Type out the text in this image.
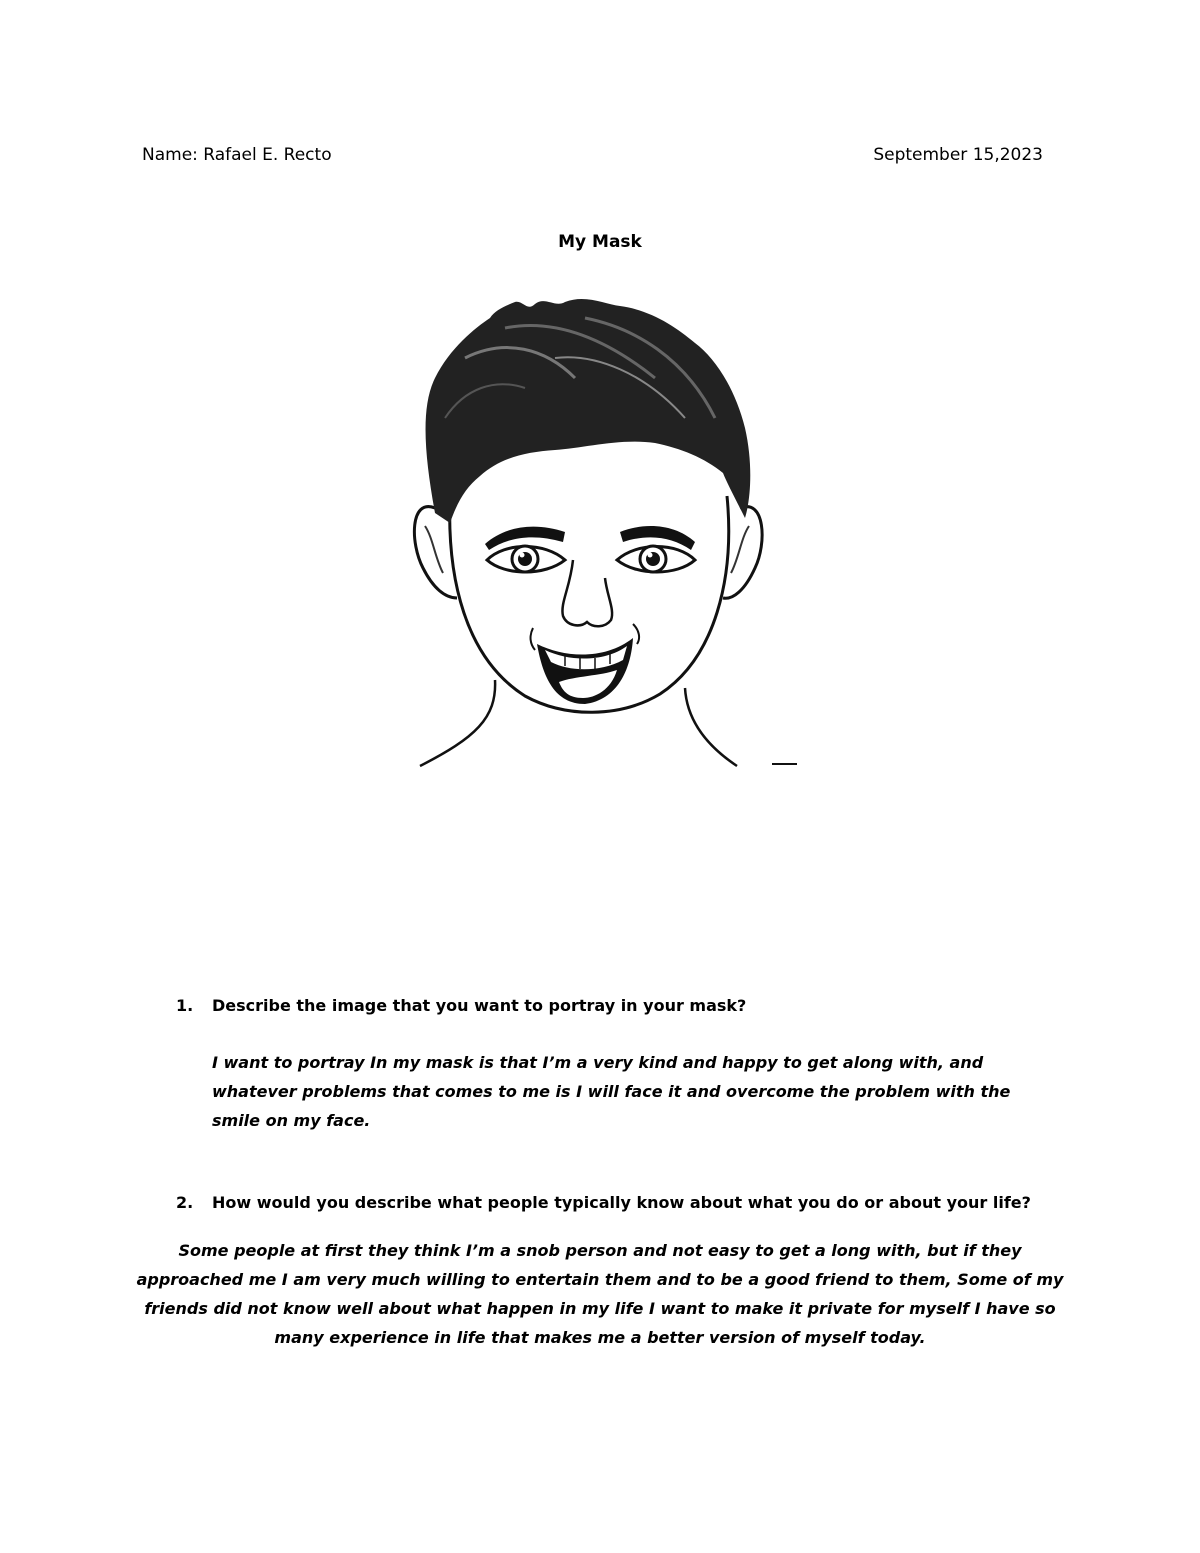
Name: Rafael E. Recto	September 15,2023
My Mask
1. Describe the image that you want to portray in your mask?
I want to portray In my mask is that I’m a very kind and happy to get along with, and whatever problems that comes to me is I will face it and overcome the problem with the smile on my face.
2. How would you describe what people typically know about what you do or about your life?
Some people at first they think I’m a snob person and not easy to get a long with, but if they approached me I am very much willing to entertain them and to be a good friend to them, Some of my friends did not know well about what happen in my life I want to make it private for myself I have so many experience in life that makes me a better version of myself today.
